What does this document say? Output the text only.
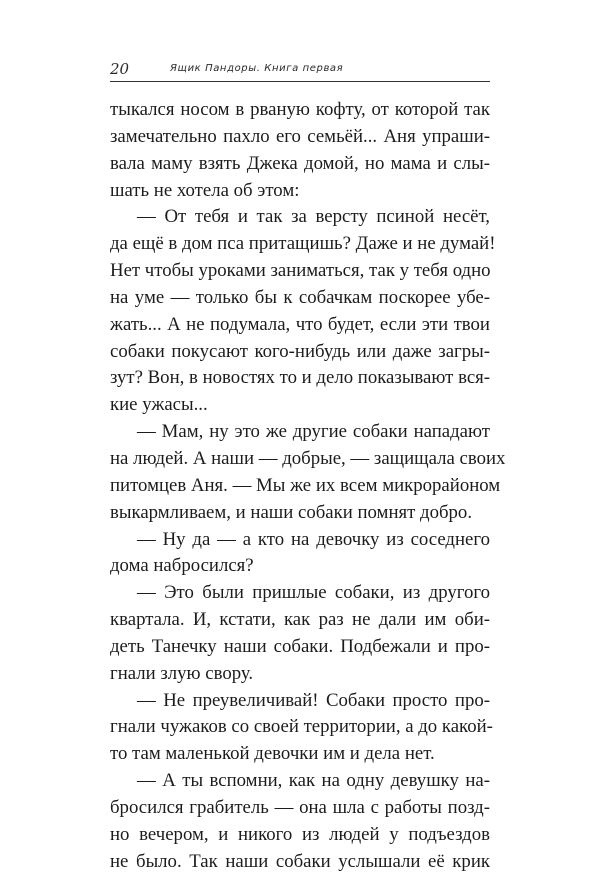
20	Ящик Пандоры. Книга первая
тыкался носом в рваную кофту, от которой так
замечательно пахло его семьёй... Аня упраши-
вала маму взять Джека домой, но мама и слы-
шать не хотела об этом:
— От тебя и так за версту псиной несёт,
да ещё в дом пса притащишь? Даже и не думай!
Нет чтобы уроками заниматься, так у тебя одно
на уме — только бы к собачкам поскорее убе-
жать... А не подумала, что будет, если эти твои
собаки покусают кого-нибудь или даже загры-
зут? Вон, в новостях то и дело показывают вся-
кие ужасы...
— Мам, ну это же другие собаки нападают
на людей. А наши — добрые, — защищала своих
питомцев Аня. — Мы же их всем микрорайоном
выкармливаем, и наши собаки помнят добро.
— Ну да — а кто на девочку из соседнего
дома набросился?
— Это были пришлые собаки, из другого
квартала. И, кстати, как раз не дали им оби-
деть Танечку наши собаки. Подбежали и про-
гнали злую свору.
— Не преувеличивай! Собаки просто про-
гнали чужаков со своей территории, а до какой-
то там маленькой девочки им и дела нет.
— А ты вспомни, как на одну девушку на-
бросился грабитель — она шла с работы позд-
но вечером, и никого из людей у подъездов
не было. Так наши собаки услышали её крик
